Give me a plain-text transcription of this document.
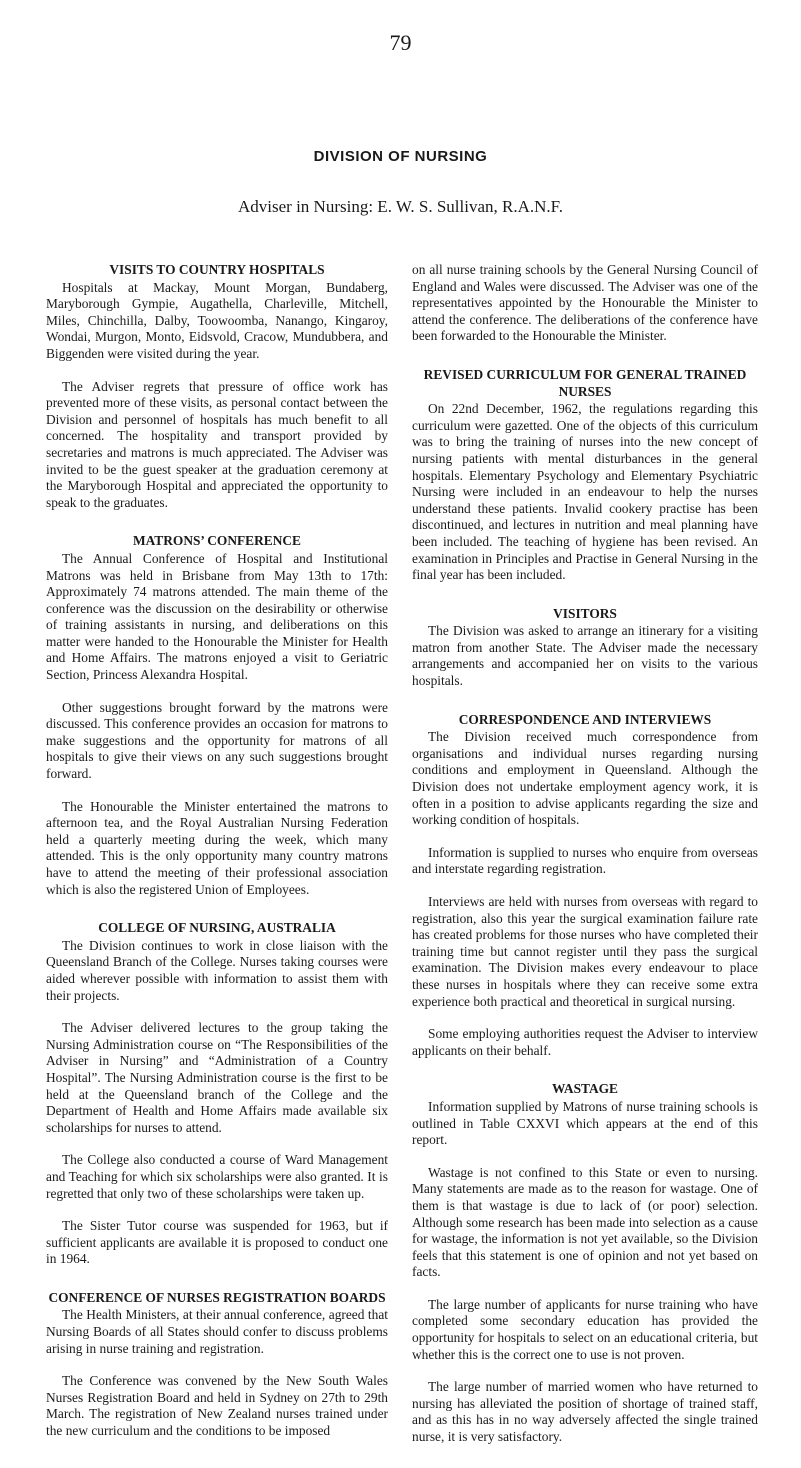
79
DIVISION OF NURSING
Adviser in Nursing: E. W. S. Sullivan, R.A.N.F.
VISITS TO COUNTRY HOSPITALS

Hospitals at Mackay, Mount Morgan, Bundaberg, Maryborough Gympie, Augathella, Charleville, Mitchell, Miles, Chinchilla, Dalby, Toowoomba, Nanango, Kingaroy, Wondai, Murgon, Monto, Eidsvold, Cracow, Mundubbera, and Biggenden were visited during the year.

The Adviser regrets that pressure of office work has prevented more of these visits, as personal contact between the Division and personnel of hospitals has much benefit to all concerned. The hospitality and transport provided by secretaries and matrons is much appreciated. The Adviser was invited to be the guest speaker at the graduation ceremony at the Maryborough Hospital and appreciated the opportunity to speak to the graduates.

MATRONS’ CONFERENCE

The Annual Conference of Hospital and Institutional Matrons was held in Brisbane from May 13th to 17th: Approximately 74 matrons attended. The main theme of the conference was the discussion on the desirability or otherwise of training assistants in nursing, and deliberations on this matter were handed to the Honourable the Minister for Health and Home Affairs. The matrons enjoyed a visit to Geriatric Section, Princess Alexandra Hospital.

Other suggestions brought forward by the matrons were discussed. This conference provides an occasion for matrons to make suggestions and the opportunity for matrons of all hospitals to give their views on any such suggestions brought forward.

The Honourable the Minister entertained the matrons to afternoon tea, and the Royal Australian Nursing Federation held a quarterly meeting during the week, which many attended. This is the only opportunity many country matrons have to attend the meeting of their professional association which is also the registered Union of Employees.

COLLEGE OF NURSING, AUSTRALIA

The Division continues to work in close liaison with the Queensland Branch of the College. Nurses taking courses were aided wherever possible with information to assist them with their projects.

The Adviser delivered lectures to the group taking the Nursing Administration course on “The Responsibilities of the Adviser in Nursing” and “Administration of a Country Hospital”. The Nursing Administration course is the first to be held at the Queensland branch of the College and the Department of Health and Home Affairs made available six scholarships for nurses to attend.

The College also conducted a course of Ward Management and Teaching for which six scholarships were also granted. It is regretted that only two of these scholarships were taken up.

The Sister Tutor course was suspended for 1963, but if sufficient applicants are available it is proposed to conduct one in 1964.

CONFERENCE OF NURSES REGISTRATION BOARDS

The Health Ministers, at their annual conference, agreed that Nursing Boards of all States should confer to discuss problems arising in nurse training and registration.

The Conference was convened by the New South Wales Nurses Registration Board and held in Sydney on 27th to 29th March. The registration of New Zealand nurses trained under the new curriculum and the conditions to be imposed

on all nurse training schools by the General Nursing Council of England and Wales were discussed. The Adviser was one of the representatives appointed by the Honourable the Minister to attend the conference. The deliberations of the conference have been forwarded to the Honourable the Minister.

REVISED CURRICULUM FOR GENERAL TRAINED NURSES

On 22nd December, 1962, the regulations regarding this curriculum were gazetted. One of the objects of this curriculum was to bring the training of nurses into the new concept of nursing patients with mental disturbances in the general hospitals. Elementary Psychology and Elementary Psychiatric Nursing were included in an endeavour to help the nurses understand these patients. Invalid cookery practise has been discontinued, and lectures in nutrition and meal planning have been included. The teaching of hygiene has been revised. An examination in Principles and Practise in General Nursing in the final year has been included.

VISITORS

The Division was asked to arrange an itinerary for a visiting matron from another State. The Adviser made the necessary arrangements and accompanied her on visits to the various hospitals.

CORRESPONDENCE AND INTERVIEWS

The Division received much correspondence from organisations and individual nurses regarding nursing conditions and employment in Queensland. Although the Division does not undertake employment agency work, it is often in a position to advise applicants regarding the size and working condition of hospitals.

Information is supplied to nurses who enquire from overseas and interstate regarding registration.

Interviews are held with nurses from overseas with regard to registration, also this year the surgical examination failure rate has created problems for those nurses who have completed their training time but cannot register until they pass the surgical examination. The Division makes every endeavour to place these nurses in hospitals where they can receive some extra experience both practical and theoretical in surgical nursing.

Some employing authorities request the Adviser to interview applicants on their behalf.

WASTAGE

Information supplied by Matrons of nurse training schools is outlined in Table CXXVI which appears at the end of this report.

Wastage is not confined to this State or even to nursing. Many statements are made as to the reason for wastage. One of them is that wastage is due to lack of (or poor) selection. Although some research has been made into selection as a cause for wastage, the information is not yet available, so the Division feels that this statement is one of opinion and not yet based on facts.

The large number of applicants for nurse training who have completed some secondary education has provided the opportunity for hospitals to select on an educational criteria, but whether this is the correct one to use is not proven.

The large number of married women who have returned to nursing has alleviated the position of shortage of trained staff, and as this has in no way adversely affected the single trained nurse, it is very satisfactory.
